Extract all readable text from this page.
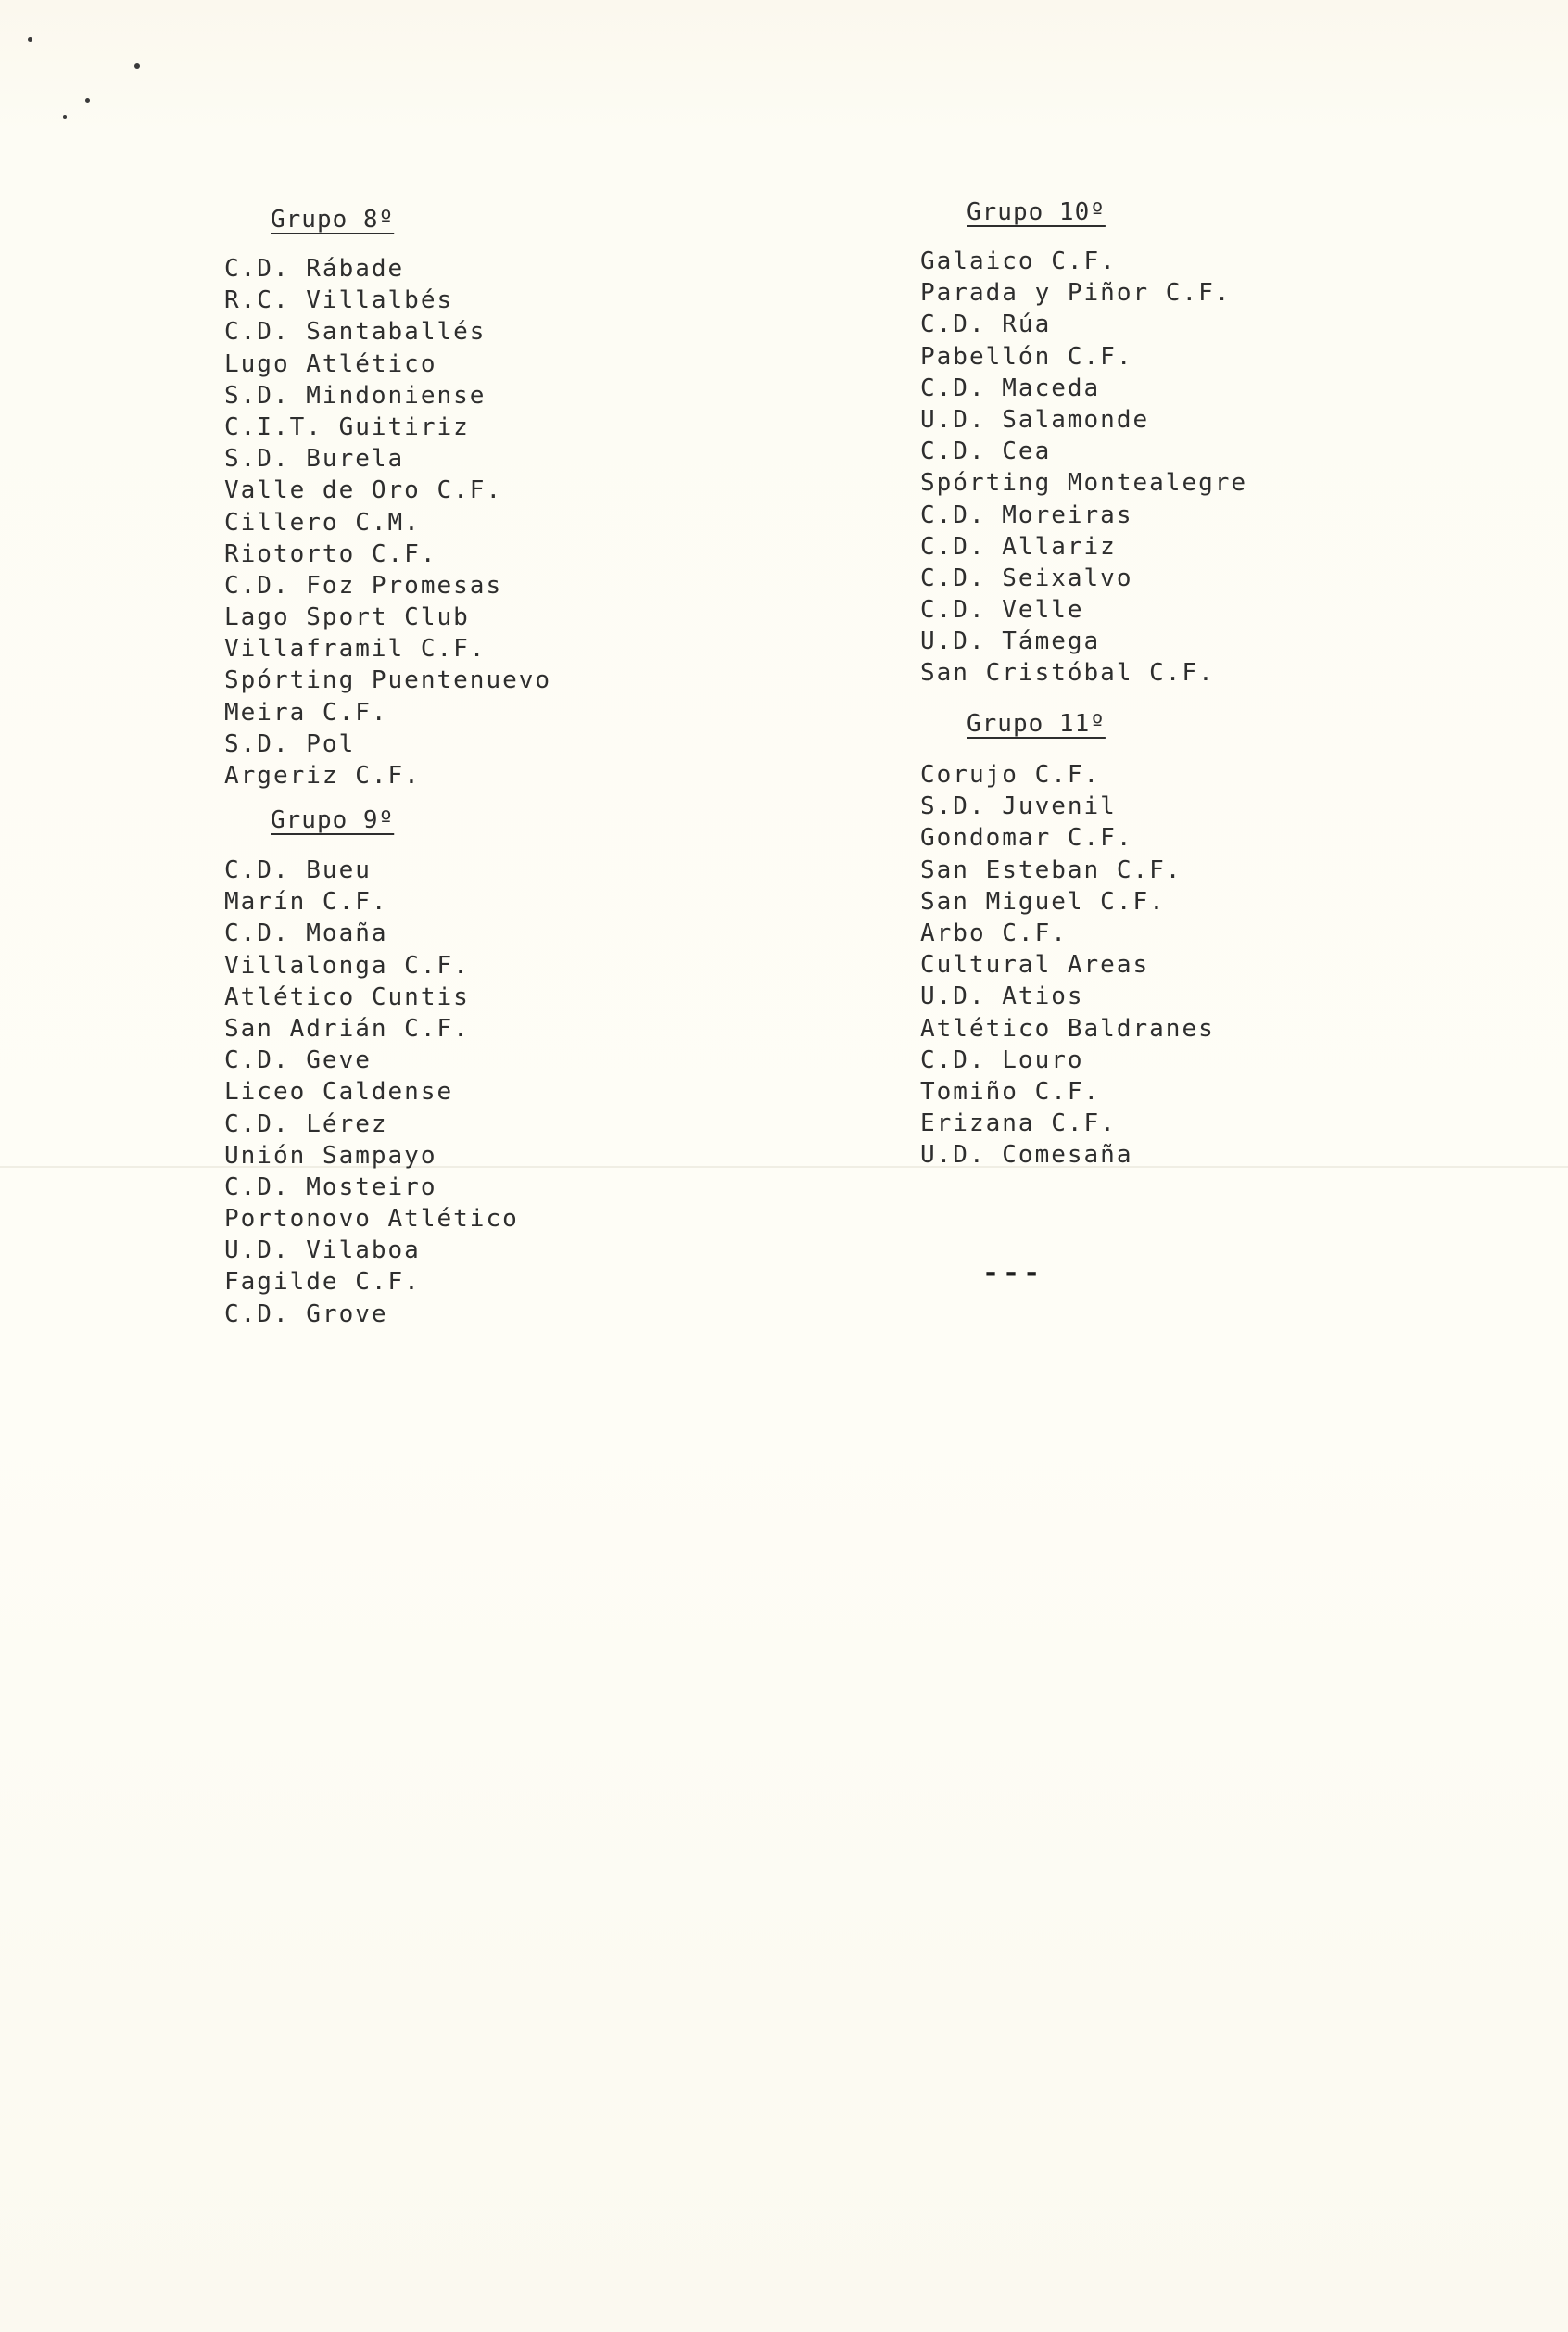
Grupo 8º
C.D. Rábade
R.C. Villalbés
C.D. Santaballés
Lugo Atlético
S.D. Mindoniense
C.I.T. Guitiriz
S.D. Burela
Valle de Oro C.F.
Cillero C.M.
Riotorto C.F.
C.D. Foz Promesas
Lago Sport Club
Villaframil C.F.
Spórting Puentenuevo
Meira C.F.
S.D. Pol
Argeriz C.F.
Grupo 9º
C.D. Bueu
Marín C.F.
C.D. Moaña
Villalonga C.F.
Atlético Cuntis
San Adrián C.F.
C.D. Geve
Liceo Caldense
C.D. Lérez
Unión Sampayo
C.D. Mosteiro
Portonovo Atlético
U.D. Vilaboa
Fagilde C.F.
C.D. Grove
Grupo 10º
Galaico C.F.
Parada y Piñor C.F.
C.D. Rúa
Pabellón C.F.
C.D. Maceda
U.D. Salamonde
C.D. Cea
Spórting Montealegre
C.D. Moreiras
C.D. Allariz
C.D. Seixalvo
C.D. Velle
U.D. Támega
San Cristóbal C.F.
Grupo 11º
Corujo C.F.
S.D. Juvenil
Gondomar C.F.
San Esteban C.F.
San Miguel C.F.
Arbo C.F.
Cultural Areas
U.D. Atios
Atlético Baldranes
C.D. Louro
Tomiño C.F.
Erizana C.F.
U.D. Comesaña
---
